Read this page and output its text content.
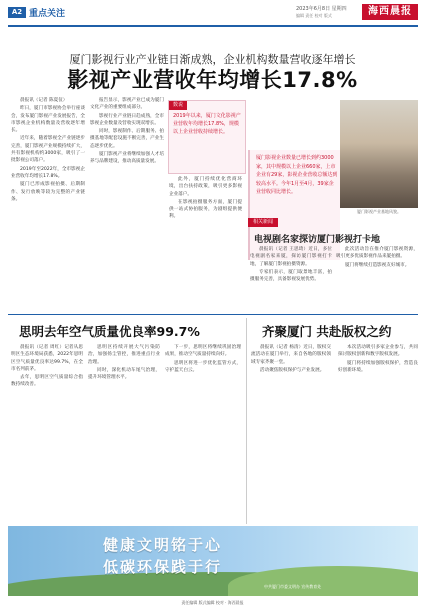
A2 重点关注	2023年6月8日 星期四
编辑 责任 校对 版式	海西晨报
厦门影视行业产业链日渐成熟，企业机构数量营收逐年增长
影视产业营收年均增长17.8%

晨报讯（记者 陈夏仪）

昨日，厦门市影视协会举行座谈会，发布厦门影视产业发展报告，全市影视企业机构数量及营收逐年增长。

近年来，随着影视全产业链逐步完善，厦门影视产业规模持续扩大，共有影视机构约3000家，吸引了一批影视公司落户。

2019年至2022年，全市影视企业营收年均增长17.8%。

厦门已形成影视拍摄、后期制作、发行放映等较为完整的产业链条。

报告显示，影视产业已成为厦门文化产业的重要组成部分。

影视行业产业链日趋成熟，全市影视企业数量及营收实现双增长。

同时，影视制作、后期服务、拍摄基地等配套设施不断完善，产业生态逐步优化。

厦门影视产业将继续加强人才培养与品牌建设，推动高质量发展。

此外，厦门持续优化营商环境，出台扶持政策，吸引更多影视企业落户。

在影视拍摄服务方面，厦门提供一站式协拍服务，为剧组提供便利。

数说
2019年以来，厦门文化影视产业营收年均增长17.8%，规模以上企业营收持续增长。
厦门影视企业数量已增长到约3000家，其中规模以上企业660家，上市企业有29家，影视企业营收总额达到较高水平。今年1月至4月，39家企业营收同比增长。
厦门影视产业基地风貌。
相关新闻
电视剧名家探访厦门影视打卡地

晨报讯（记者 王思琦）近日，多位电视剧名家来厦，探访厦门影视打卡地，了解厦门影视拍摄资源。

专家们表示，厦门取景地丰富，拍摄服务完善，具备影视发展优势。

此次活动旨在推介厦门影视资源，吸引更多优质影视作品来厦拍摄。

厦门将继续打造影视友好城市。

思明去年空气质量优良率99.7%

晨报讯（记者 周红）记者从思明区生态环境局获悉，2022年思明区空气质量优良率达99.7%，在全市名列前茅。

去年，思明区空气质量综合指数持续改善。

思明区持续开展大气污染防治，加强扬尘管控，推进重点行业治理。

同时，深化机动车尾气治理，提升环境管理水平。

下一步，思明区将继续巩固治理成果，推动空气质量持续向好。

思明区将进一步优化监管方式，守护蓝天白云。

齐聚厦门 共赴版权之约

晨报讯（记者 杨清）近日，版权交流活动在厦门举行，来自各地的版权领域专家齐聚一堂。

活动聚焦版权保护与产业发展。

本次活动吸引多家企业参与，共同探讨版权创新和数字版权发展。

厦门将持续加强版权保护，营造良好创新环境。

健康文明铭于心
低碳环保践于行
中共厦门市委文明办 宣传教育处
责任编辑 版式编辑 校对 · 海西晨报
